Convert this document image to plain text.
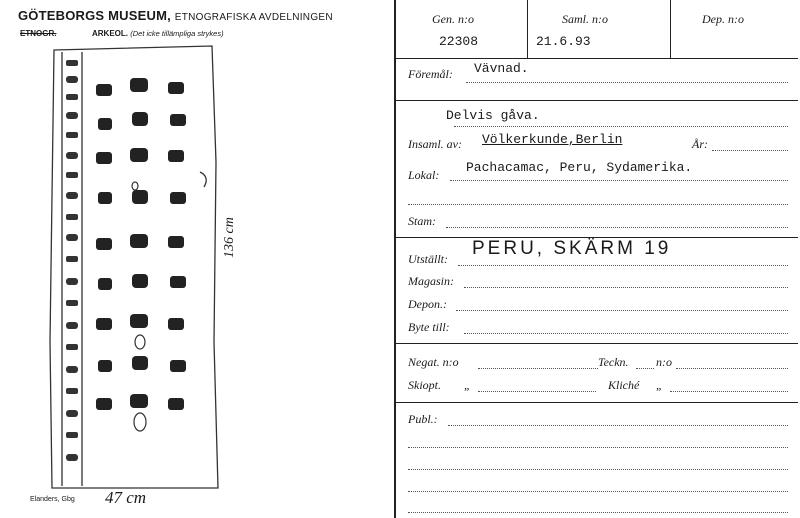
GÖTEBORGS MUSEUM, ETNOGRAFISKA AVDELNINGEN
ETNOGR.	ARKEOL. (Det icke tillämpliga strykes)
47 cm
136 cm
Elanders, Gbg
Gen. n:o	Saml. n:o	Dep. n:o
22308	21.6.93
Föremål: Vävnad.
Delvis gåva.
Insaml. av: Völkerkunde,Berlin	År:
Lokal: Pachacamac, Peru, Sydamerika.
Stam:
Utställt: PERU, SKÄRM 19
Magasin:
Depon.:
Byte till:
Negat. n:o	Teckn. n:o
Skiopt. „	Kliché „
Publ.:
